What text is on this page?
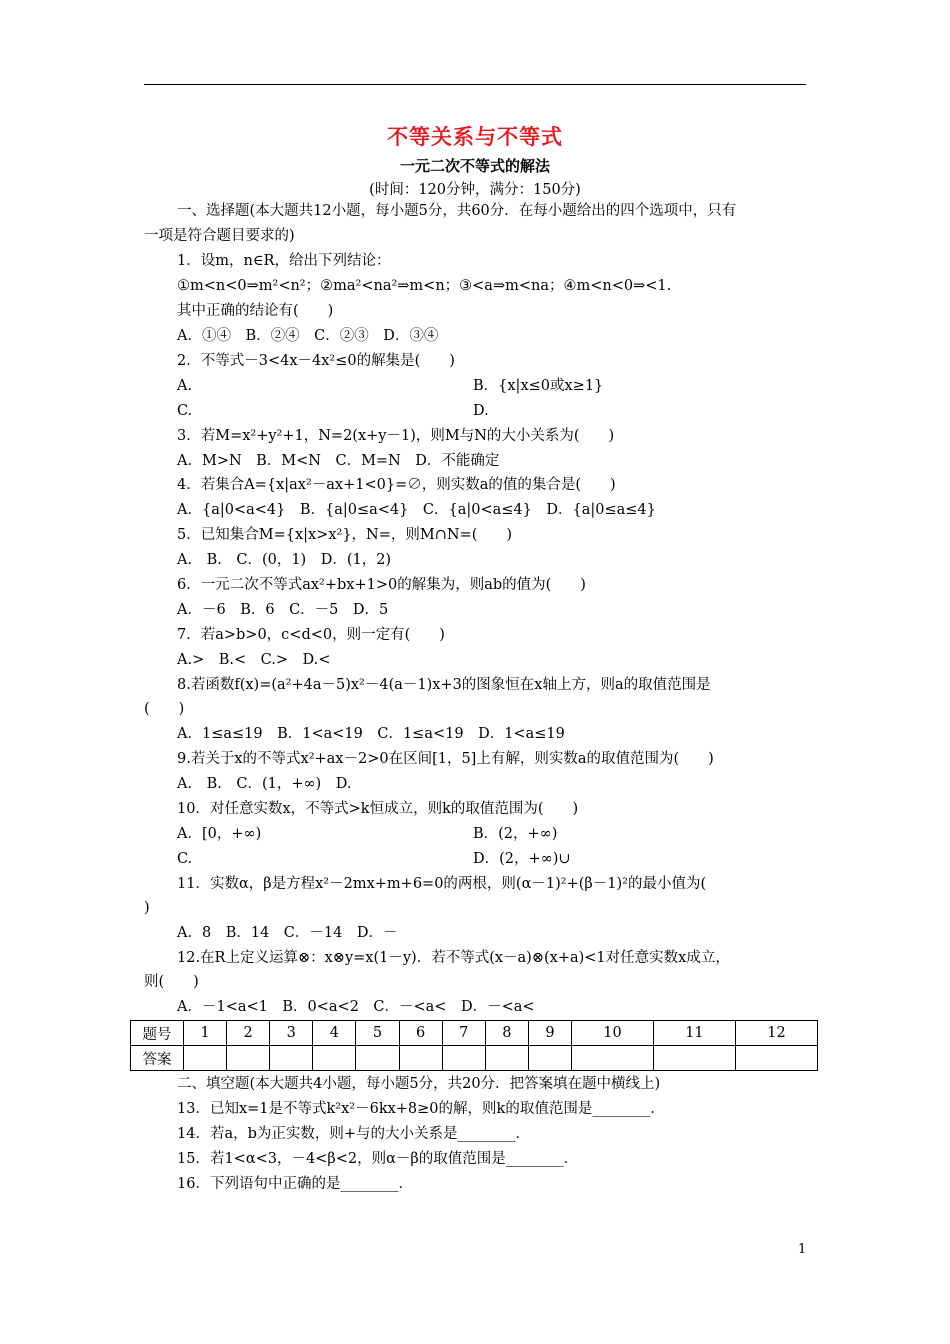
不等关系与不等式
一元二次不等式的解法
(时间：120分钟，满分：150分)
一、选择题(本大题共12小题，每小题5分，共60分．在每小题给出的四个选项中，只有
一项是符合题目要求的)
1．设m，n∈R，给出下列结论：
①m<n<0⇒m²<n²；②ma²<na²⇒m<n；③<a⇒m<na；④m<n<0⇒<1.
其中正确的结论有(　　)
A．①④　B．②④　C．②③　D．③④
2．不等式－3<4x－4x²≤0的解集是(　　)
A.	B．{x|x≤0或x≥1}
C.	D.
3．若M=x²+y²+1，N=2(x+y－1)，则M与N的大小关系为(　　)
A．M>N　B．M<N　C．M=N　D．不能确定
4．若集合A={x|ax²－ax+1<0}=∅，则实数a的值的集合是(　　)
A．{a|0<a<4}　B．{a|0≤a<4}　C．{a|0<a≤4}　D．{a|0≤a≤4}
5．已知集合M={x|x>x²}，N=，则M∩N=(　　)
A.　B.　C．(0，1)　D．(1，2)
6．一元二次不等式ax²+bx+1>0的解集为，则ab的值为(　　)
A．－6　B．6　C．－5　D．5
7．若a>b>0，c<d<0，则一定有(　　)
A.>　B.<　C.>　D.<
8.若函数f(x)=(a²+4a－5)x²－4(a－1)x+3的图象恒在x轴上方，则a的取值范围是
(　　)
A．1≤a≤19　B．1<a<19　C．1≤a<19　D．1<a≤19
9.若关于x的不等式x²+ax－2>0在区间[1，5]上有解，则实数a的取值范围为(　　)
A.　B.　C．(1，+∞)　D.
10．对任意实数x，不等式>k恒成立，则k的取值范围为(　　)
A．[0，+∞)	B．(2，+∞)
C.	D．(2，+∞)∪
11．实数α，β是方程x²－2mx+m+6=0的两根，则(α－1)²+(β－1)²的最小值为(
)
A．8　B．14　C．－14　D．－
12.在R上定义运算⊗：x⊗y=x(1－y)．若不等式(x－a)⊗(x+a)<1对任意实数x成立，
则(　　)
A．－1<a<1　B．0<a<2　C．－<a<　D．－<a<
题号	1	2	3	4	5	6	7	8	9	10	11	12
答案												
二、填空题(本大题共4小题，每小题5分，共20分．把答案填在题中横线上)
13．已知x=1是不等式k²x²－6kx+8≥0的解，则k的取值范围是________．
14．若a，b为正实数，则+与的大小关系是________．
15．若1<α<3，－4<β<2，则α－β的取值范围是________．
16．下列语句中正确的是________．
1
